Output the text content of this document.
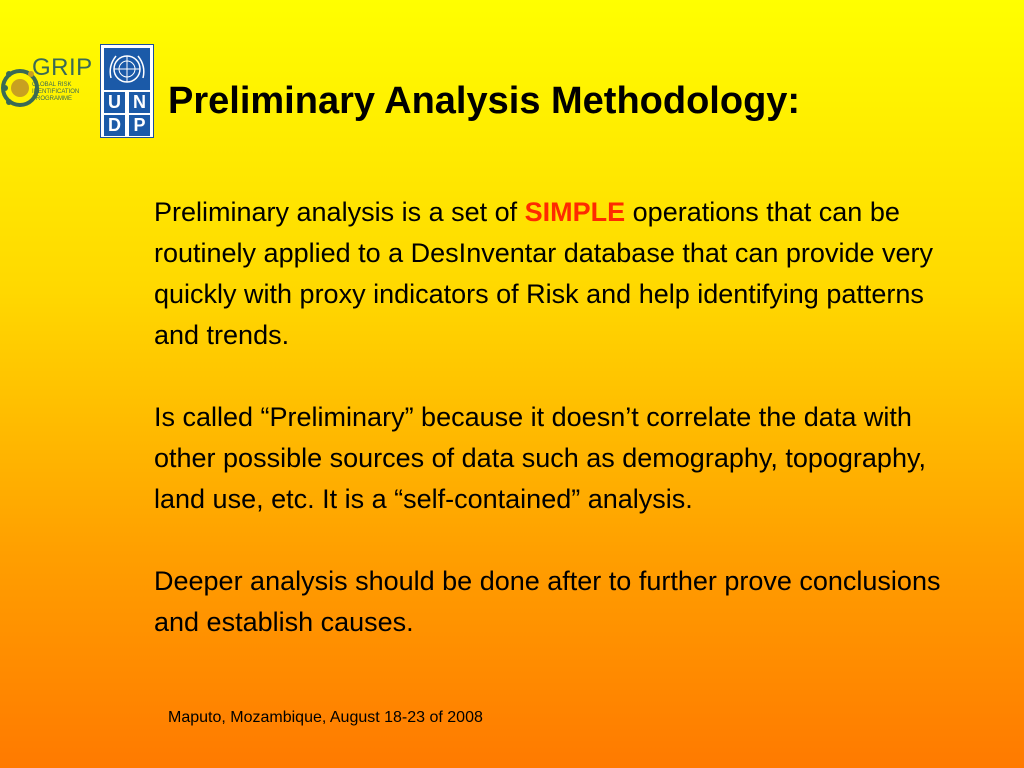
GRIP
GLOBAL RISK
IDENTIFICATION
PROGRAMME	U N
D P
Preliminary Analysis Methodology:

Preliminary analysis is a set of SIMPLE operations that can be routinely applied to a DesInventar database that can provide very quickly with proxy indicators of Risk and help identifying patterns and trends.

Is called “Preliminary” because it doesn’t correlate the data with other possible sources of data such as demography, topography, land use, etc. It is a “self-contained” analysis.

Deeper analysis should be done after to further prove conclusions and establish causes.

Maputo, Mozambique, August 18-23 of 2008
